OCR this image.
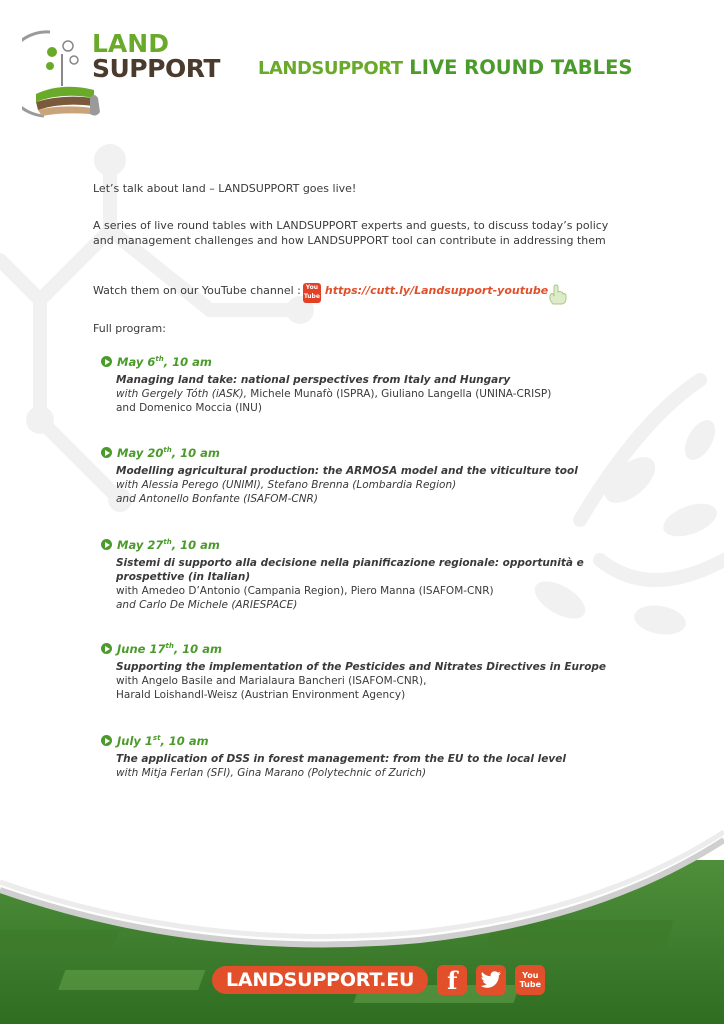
LAND
SUPPORT LANDSUPPORT LIVE ROUND TABLES
Let’s talk about land – LANDSUPPORT goes live!
A series of live round tables with LANDSUPPORT experts and guests, to discuss today’s policy
and management challenges and how LANDSUPPORT tool can contribute in addressing them
Watch them on our YouTube channel : You
Tube https://cutt.ly/Landsupport-youtube
Full program:
May 6th, 10 am
Managing land take: national perspectives from Italy and Hungary
with Gergely Tóth (iASK), Michele Munafò (ISPRA), Giuliano Langella (UNINA-CRISP)
and Domenico Moccia (INU)
May 20th, 10 am
Modelling agricultural production: the ARMOSA model and the viticulture tool
with Alessia Perego (UNIMI), Stefano Brenna (Lombardia Region)
and Antonello Bonfante (ISAFOM-CNR)
May 27th, 10 am
Sistemi di supporto alla decisione nella pianificazione regionale: opportunità e
prospettive (in Italian)
with Amedeo D’Antonio (Campania Region), Piero Manna (ISAFOM-CNR)
and Carlo De Michele (ARIESPACE)
June 17th, 10 am
Supporting the implementation of the Pesticides and Nitrates Directives in Europe
with Angelo Basile and Marialaura Bancheri (ISAFOM-CNR),
Harald Loishandl-Weisz (Austrian Environment Agency)
July 1st, 10 am
The application of DSS in forest management: from the EU to the local level
with Mitja Ferlan (SFI), Gina Marano (Polytechnic of Zurich)
LANDSUPPORT.EU	f	You
Tube
